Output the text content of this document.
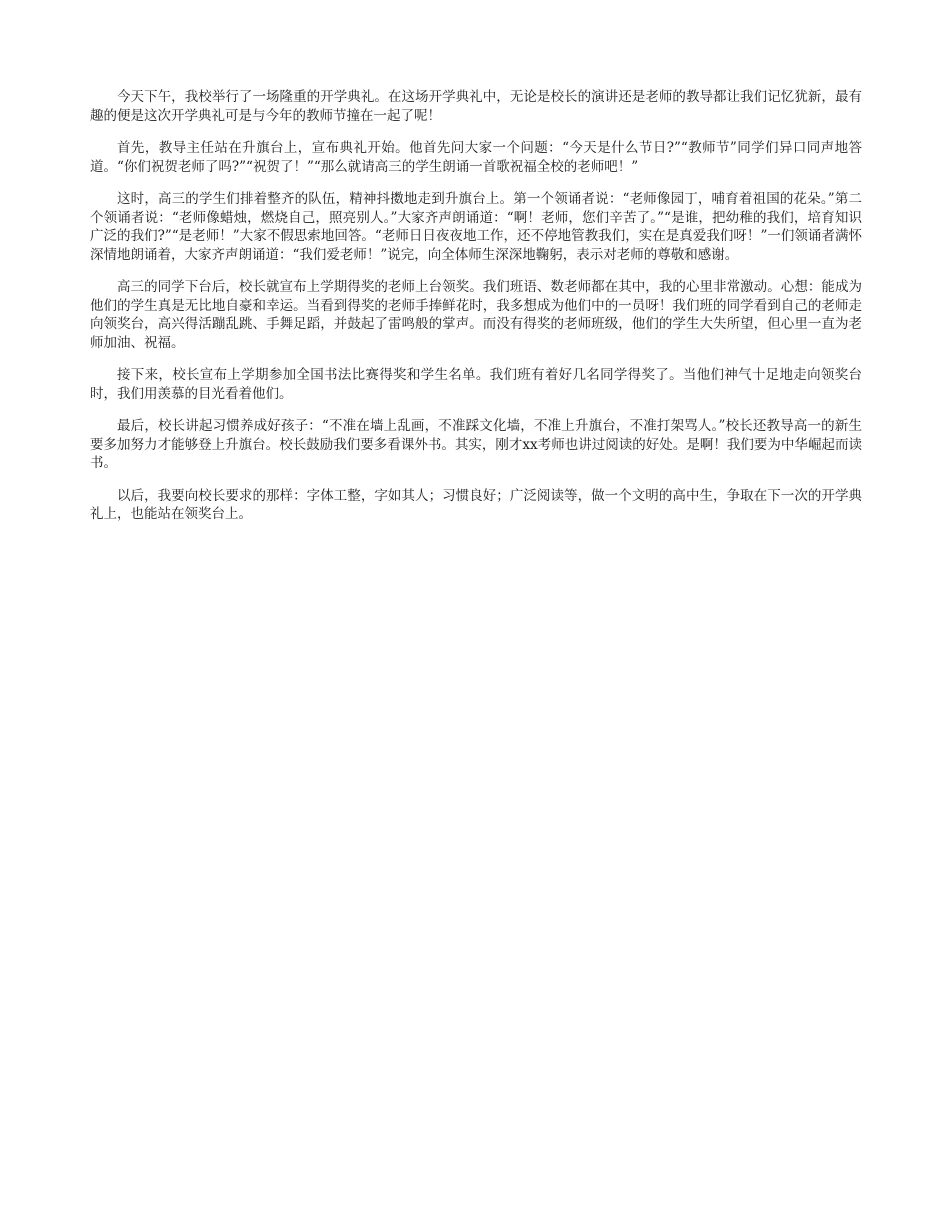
今天下午，我校举行了一场隆重的开学典礼。在这场开学典礼中，无论是校长的演讲还是老师的教导都让我们记忆犹新，最有趣的便是这次开学典礼可是与今年的教师节撞在一起了呢！

首先，教导主任站在升旗台上，宣布典礼开始。他首先问大家一个问题：“今天是什么节日?”“教师节”同学们异口同声地答道。“你们祝贺老师了吗?”“祝贺了！”“那么就请高三的学生朗诵一首歌祝福全校的老师吧！”

这时，高三的学生们排着整齐的队伍，精神抖擞地走到升旗台上。第一个领诵者说：“老师像园丁，哺育着祖国的花朵。”第二个领诵者说：“老师像蜡烛，燃烧自己，照亮别人。”大家齐声朗诵道：“啊！老师，您们辛苦了。”“是谁，把幼稚的我们，培育知识广泛的我们?”“是老师！”大家不假思索地回答。“老师日日夜夜地工作，还不停地管教我们，实在是真爱我们呀！”一们领诵者满怀深情地朗诵着，大家齐声朗诵道：“我们爱老师！”说完，向全体师生深深地鞠躬，表示对老师的尊敬和感谢。

高三的同学下台后，校长就宣布上学期得奖的老师上台领奖。我们班语、数老师都在其中，我的心里非常激动。心想：能成为他们的学生真是无比地自豪和幸运。当看到得奖的老师手捧鲜花时，我多想成为他们中的一员呀！我们班的同学看到自己的老师走向领奖台，高兴得活蹦乱跳、手舞足蹈，并鼓起了雷鸣般的掌声。而没有得奖的老师班级，他们的学生大失所望，但心里一直为老师加油、祝福。

接下来，校长宣布上学期参加全国书法比赛得奖和学生名单。我们班有着好几名同学得奖了。当他们神气十足地走向领奖台时，我们用羡慕的目光看着他们。

最后，校长讲起习惯养成好孩子：“不准在墙上乱画，不准踩文化墙，不准上升旗台，不准打架骂人。”校长还教导高一的新生要多加努力才能够登上升旗台。校长鼓励我们要多看课外书。其实，刚才xx考师也讲过阅读的好处。是啊！我们要为中华崛起而读书。

以后，我要向校长要求的那样：字体工整，字如其人；习惯良好；广泛阅读等，做一个文明的高中生，争取在下一次的开学典礼上，也能站在领奖台上。
